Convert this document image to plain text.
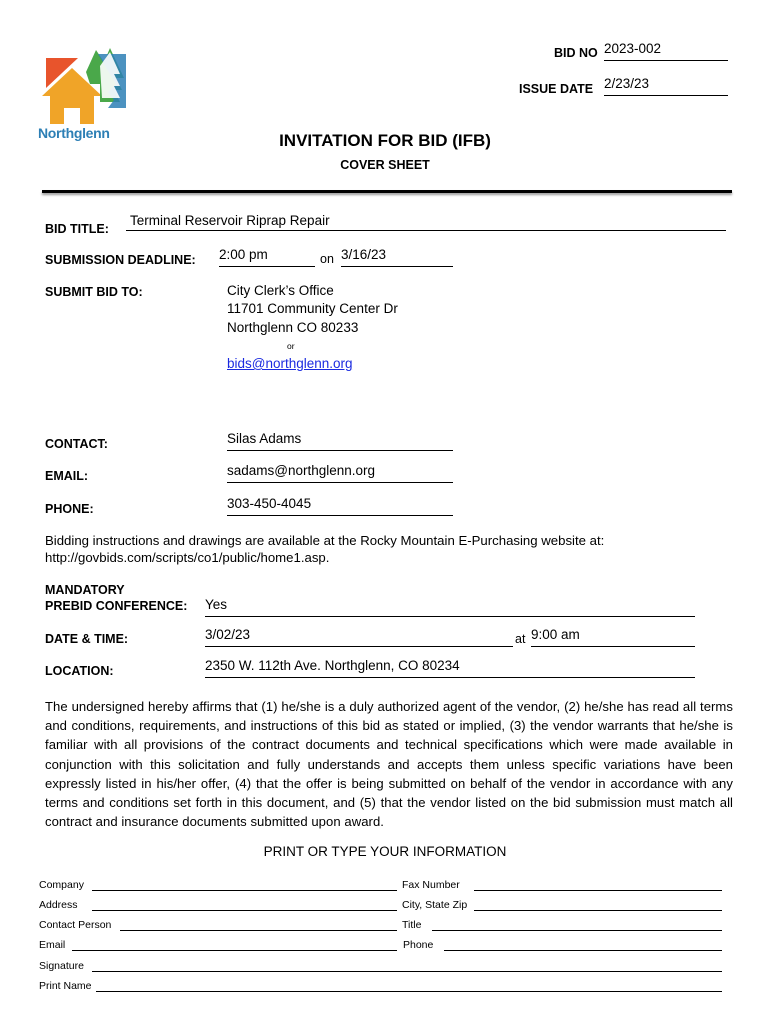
Northglenn
BID NO 2023-002
ISSUE DATE 2/23/23
INVITATION FOR BID (IFB)
COVER SHEET
BID TITLE:
Terminal Reservoir Riprap Repair
SUBMISSION DEADLINE: 2:00 pm	on 3/16/23
SUBMIT BID TO:	City Clerk’s Office
11701 Community Center Dr
Northglenn CO 80233
or
bids@northglenn.org
CONTACT:	Silas Adams
EMAIL:	sadams@northglenn.org
PHONE:	303-450-4045
Bidding instructions and drawings are available at the Rocky Mountain E-Purchasing website at:
http://govbids.com/scripts/co1/public/home1.asp.
MANDATORY
PREBID CONFERENCE: Yes
DATE & TIME:	3/02/23	at 9:00 am
LOCATION:	2350 W. 112th Ave. Northglenn, CO 80234
The undersigned hereby affirms that (1) he/she is a duly authorized agent of the vendor, (2) he/she has read all terms and conditions, requirements, and instructions of this bid as stated or implied, (3) the vendor warrants that he/she is familiar with all provisions of the contract documents and technical specifications which were made available in conjunction with this solicitation and fully understands and accepts them unless specific variations have been expressly listed in his/her offer, (4) that the offer is being submitted on behalf of the vendor in accordance with any terms and conditions set forth in this document, and (5) that the vendor listed on the bid submission must match all contract and insurance documents submitted upon award.
PRINT OR TYPE YOUR INFORMATION
Company	Fax Number
Address	City, State Zip
Contact Person	Title
Email	Phone
Signature
Print Name
